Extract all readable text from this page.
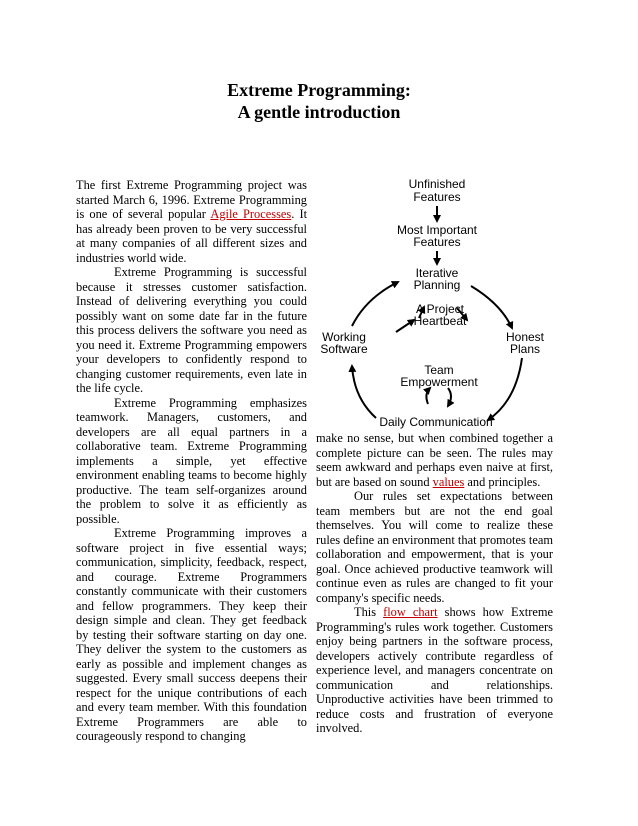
Extreme Programming:
A gentle introduction

The first Extreme Programming project was started March 6, 1996. Extreme Programming is one of several popular Agile Processes. It has already been proven to be very successful at many companies of all different sizes and industries world wide.

Extreme Programming is successful because it stresses customer satisfaction. Instead of delivering everything you could possibly want on some date far in the future this process delivers the software you need as you need it. Extreme Programming empowers your developers to confidently respond to changing customer requirements, even late in the life cycle.

Extreme Programming emphasizes teamwork. Managers, customers, and developers are all equal partners in a collaborative team. Extreme Programming implements a simple, yet effective environment enabling teams to become highly productive. The team self-organizes around the problem to solve it as efficiently as possible.

Extreme Programming improves a software project in five essential ways; communication, simplicity, feedback, respect, and courage. Extreme Programmers constantly communicate with their customers and fellow programmers. They keep their design simple and clean. They get feedback by testing their software starting on day one. They deliver the system to the customers as early as possible and implement changes as suggested. Every small success deepens their respect for the unique contributions of each and every team member. With this foundation Extreme Programmers are able to courageously respond to changing

Unfinished
Features
Most Important
Features
Iterative
Planning
A Project
Heartbeat
Working
Software
Honest
Plans
Team
Empowerment
Daily Communication

make no sense, but when combined together a complete picture can be seen. The rules may seem awkward and perhaps even naive at first, but are based on sound values and principles.

Our rules set expectations between team members but are not the end goal themselves. You will come to realize these rules define an environment that promotes team collaboration and empowerment, that is your goal. Once achieved productive teamwork will continue even as rules are changed to fit your company's specific needs.

This flow chart shows how Extreme Programming's rules work together. Customers enjoy being partners in the software process, developers actively contribute regardless of experience level, and managers concentrate on communication and relationships. Unproductive activities have been trimmed to reduce costs and frustration of everyone involved.
